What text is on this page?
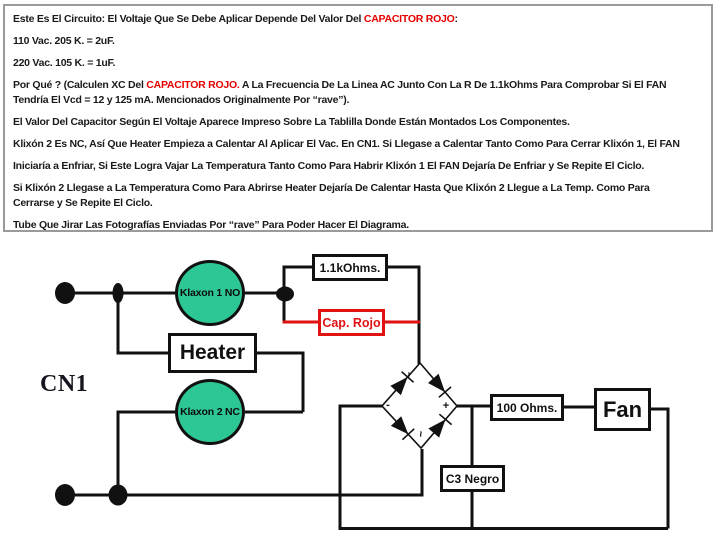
Este Es El Circuito: El Voltaje Que Se Debe Aplicar Depende Del Valor Del CAPACITOR ROJO:

110 Vac. 205 K. = 2uF.

220 Vac. 105 K. = 1uF.

Por Qué ? (Calculen XC Del CAPACITOR ROJO. A La Frecuencia De La Linea AC Junto Con La R De 1.1kOhms Para Comprobar Si El FAN
Tendría El Vcd = 12 y 125 mA. Mencionados Originalmente Por “rave”).

El Valor Del Capacitor Según El Voltaje Aparece Impreso Sobre La Tablilla Donde Están Montados Los Componentes.

Klixón 2 Es NC, Así Que Heater Empieza a Calentar Al Aplicar El Vac. En CN1. Si Llegase a Calentar Tanto Como Para Cerrar Klixón 1, El FAN

Iniciaría a Enfriar, Si Este Logra Vajar La Temperatura Tanto Como Para Habrir Klixón 1 El FAN Dejaría De Enfriar y Se Repite El Ciclo.

Si Klixón 2 Llegase a La Temperatura Como Para Abrirse Heater Dejaría De Calentar Hasta Que Klixón 2 Llegue a La Temp. Como Para
Cerrarse y Se Repite El Ciclo.

Tube Que Jirar Las Fotografías Enviadas Por “rave” Para Poder Hacer El Diagrama.

~
~
+
-
CN1
Klaxon 1 NO
Klaxon 2 NC
Heater
1.1kOhms.
Cap. Rojo
100 Ohms. Fan
C3 Negro
